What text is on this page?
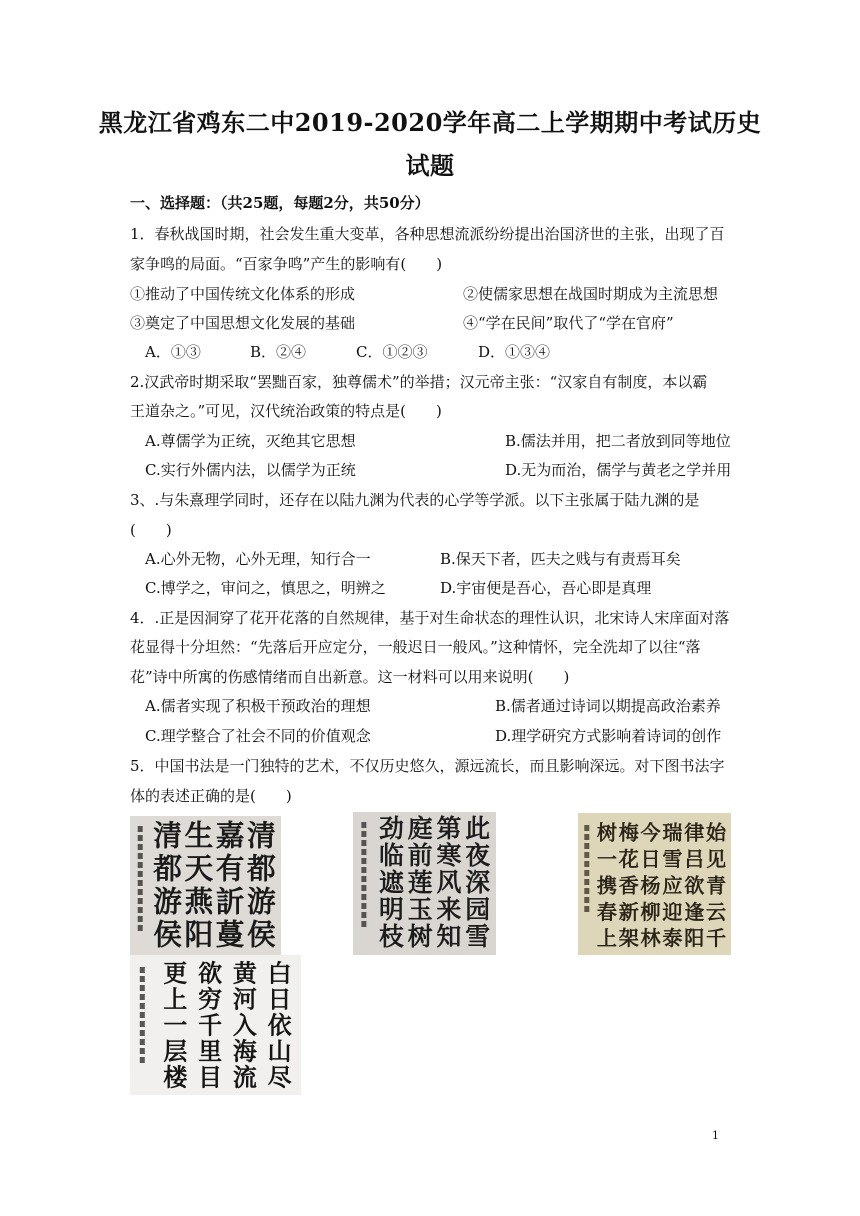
黑龙江省鸡东二中2019-2020学年高二上学期期中考试历史
试题
一、选择题：（共25题，每题2分，共50分）
1．春秋战国时期，社会发生重大变革，各种思想流派纷纷提出治国济世的主张，出现了百
家争鸣的局面。“百家争鸣”产生的影响有(　　)
①推动了中国传统文化体系的形成	②使儒家思想在战国时期成为主流思想
③奠定了中国思想文化发展的基础	④“学在民间”取代了“学在官府”
A．①③	B．②④	C．①②③	D．①③④
2.汉武帝时期采取“罢黜百家，独尊儒术”的举措；汉元帝主张：“汉家自有制度，本以霸
王道杂之。”可见，汉代统治政策的特点是(　　)
A.尊儒学为正统，灭绝其它思想	B.儒法并用，把二者放到同等地位
C.实行外儒内法，以儒学为正统	D.无为而治，儒学与黄老之学并用
3、.与朱熹理学同时，还存在以陆九渊为代表的心学等学派。以下主张属于陆九渊的是
(　　)
A.心外无物，心外无理，知行合一	B.保天下者，匹夫之贱与有责焉耳矣
C.博学之，审问之，慎思之，明辨之	D.宇宙便是吾心，吾心即是真理
4．.正是因洞穿了花开花落的自然规律，基于对生命状态的理性认识，北宋诗人宋庠面对落
花显得十分坦然：“先落后开应定分，一般迟日一般风。”这种情怀，完全洗却了以往“落
花”诗中所寓的伤感情绪而自出新意。这一材料可以用来说明(　　)
A.儒者实现了积极干预政治的理想	B.儒者通过诗词以期提高政治素养
C.理学整合了社会不同的价值观念	D.理学研究方式影响着诗词的创作
5．中国书法是一门独特的艺术，不仅历史悠久，源远流长，而且影响深远。对下图书法字
体的表述正确的是(　　)
清
都
游
侯
嘉
有
訢
蔓
生
天
燕
阳
清
都
游
侯
此
夜
深
园
雪
第
寒
风
来
知
庭
前
莲
玉
树
劲
临
遮
明
枝
始
见
青
云
千
律
吕
欲
逢
阳
瑞
雪
应
迎
泰
今
日
杨
柳
林
梅
花
香
新
架
树
一
携
春
上
白
日
依
山
尽
黄
河
入
海
流
欲
穷
千
里
目
更
上
一
层
楼
1
